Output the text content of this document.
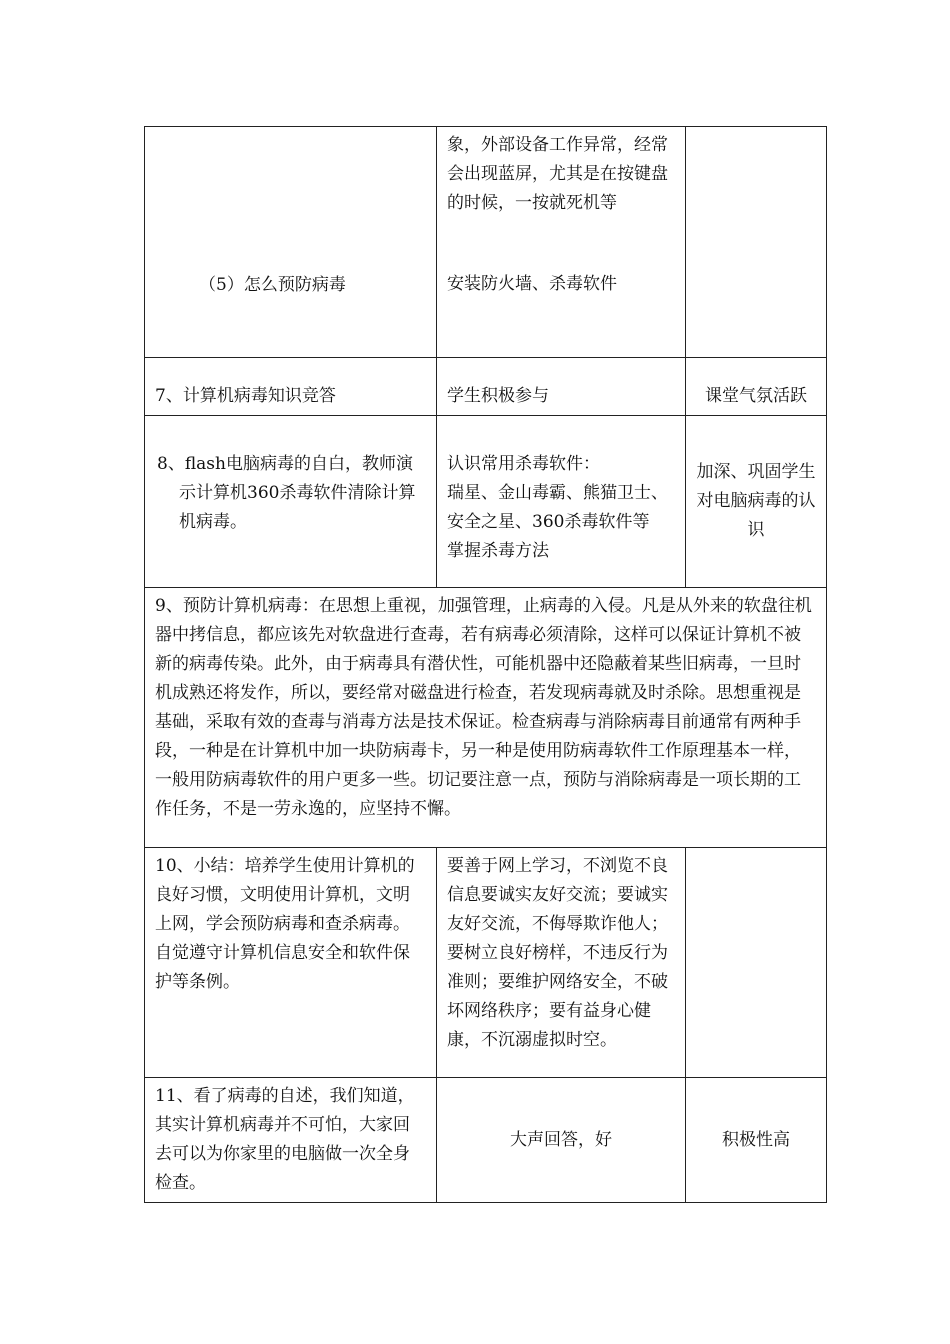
（5）怎么预防病毒	象，外部设备工作异常，经常会出现蓝屏，尤其是在按键盘的时候，一按就死机等
安装防火墙、杀毒软件	

7、计算机病毒知识竞答	学生积极参与	课堂气氛活跃
8、flash电脑病毒的自白，教师演示计算机360杀毒软件清除计算机病毒。	认识常用杀毒软件：
瑞星、金山毒霸、熊猫卫士、安全之星、360杀毒软件等
掌握杀毒方法	加深、巩固学生对电脑病毒的认识
9、预防计算机病毒：在思想上重视，加强管理，止病毒的入侵。凡是从外来的软盘往机器中拷信息，都应该先对软盘进行查毒，若有病毒必须清除，这样可以保证计算机不被新的病毒传染。此外，由于病毒具有潜伏性，可能机器中还隐蔽着某些旧病毒，一旦时机成熟还将发作，所以，要经常对磁盘进行检查，若发现病毒就及时杀除。思想重视是基础，采取有效的查毒与消毒方法是技术保证。检查病毒与消除病毒目前通常有两种手段，一种是在计算机中加一块防病毒卡，另一种是使用防病毒软件工作原理基本一样，一般用防病毒软件的用户更多一些。切记要注意一点，预防与消除病毒是一项长期的工作任务，不是一劳永逸的，应坚持不懈。		
10、小结：培养学生使用计算机的良好习惯，文明使用计算机，文明上网，学会预防病毒和查杀病毒。自觉遵守计算机信息安全和软件保护等条例。	要善于网上学习，不浏览不良信息要诚实友好交流；要诚实友好交流，不侮辱欺诈他人；要树立良好榜样，不违反行为准则；要维护网络安全，不破坏网络秩序；要有益身心健康，不沉溺虚拟时空。	
11、看了病毒的自述，我们知道，其实计算机病毒并不可怕，大家回去可以为你家里的电脑做一次全身检查。	大声回答，好	积极性高
